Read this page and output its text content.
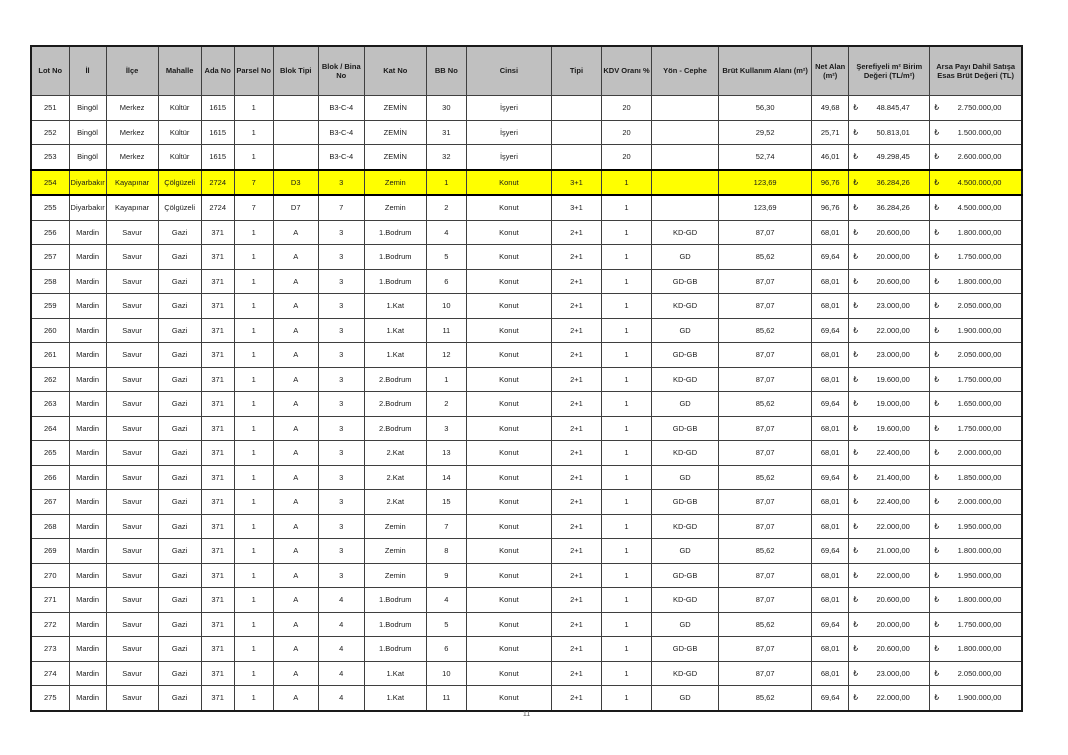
Lot No	İl	İlçe	Mahalle	Ada No	Parsel No	Blok Tipi	Blok / Bina No	Kat No	BB No	Cinsi	Tipi	KDV Oranı %	Yön - Cephe	Brüt Kullanım Alanı (m²)	Net Alan (m²)	Şerefiyeli m² Birim Değeri (TL/m²)	Arsa Payı Dahil Satışa Esas Brüt Değeri (TL)
251	Bingöl	Merkez	Kültür	1615	1		B3-C-4	ZEMİN	30	İşyeri		20		56,30	49,68	₺ 48.845,47	₺ 2.750.000,00
252	Bingöl	Merkez	Kültür	1615	1		B3-C-4	ZEMİN	31	İşyeri		20		29,52	25,71	₺ 50.813,01	₺ 1.500.000,00
253	Bingöl	Merkez	Kültür	1615	1		B3-C-4	ZEMİN	32	İşyeri		20		52,74	46,01	₺ 49.298,45	₺ 2.600.000,00
254	Diyarbakır	Kayapınar	Çölgüzeli	2724	7	D3	3	Zemin	1	Konut	3+1	1		123,69	96,76	₺ 36.284,26	₺ 4.500.000,00
255	Diyarbakır	Kayapınar	Çölgüzeli	2724	7	D7	7	Zemin	2	Konut	3+1	1		123,69	96,76	₺ 36.284,26	₺ 4.500.000,00
256	Mardin	Savur	Gazi	371	1	A	3	1.Bodrum	4	Konut	2+1	1	KD-GD	87,07	68,01	₺ 20.600,00	₺ 1.800.000,00
257	Mardin	Savur	Gazi	371	1	A	3	1.Bodrum	5	Konut	2+1	1	GD	85,62	69,64	₺ 20.000,00	₺ 1.750.000,00
258	Mardin	Savur	Gazi	371	1	A	3	1.Bodrum	6	Konut	2+1	1	GD-GB	87,07	68,01	₺ 20.600,00	₺ 1.800.000,00
259	Mardin	Savur	Gazi	371	1	A	3	1.Kat	10	Konut	2+1	1	KD-GD	87,07	68,01	₺ 23.000,00	₺ 2.050.000,00
260	Mardin	Savur	Gazi	371	1	A	3	1.Kat	11	Konut	2+1	1	GD	85,62	69,64	₺ 22.000,00	₺ 1.900.000,00
261	Mardin	Savur	Gazi	371	1	A	3	1.Kat	12	Konut	2+1	1	GD-GB	87,07	68,01	₺ 23.000,00	₺ 2.050.000,00
262	Mardin	Savur	Gazi	371	1	A	3	2.Bodrum	1	Konut	2+1	1	KD-GD	87,07	68,01	₺ 19.600,00	₺ 1.750.000,00
263	Mardin	Savur	Gazi	371	1	A	3	2.Bodrum	2	Konut	2+1	1	GD	85,62	69,64	₺ 19.000,00	₺ 1.650.000,00
264	Mardin	Savur	Gazi	371	1	A	3	2.Bodrum	3	Konut	2+1	1	GD-GB	87,07	68,01	₺ 19.600,00	₺ 1.750.000,00
265	Mardin	Savur	Gazi	371	1	A	3	2.Kat	13	Konut	2+1	1	KD-GD	87,07	68,01	₺ 22.400,00	₺ 2.000.000,00
266	Mardin	Savur	Gazi	371	1	A	3	2.Kat	14	Konut	2+1	1	GD	85,62	69,64	₺ 21.400,00	₺ 1.850.000,00
267	Mardin	Savur	Gazi	371	1	A	3	2.Kat	15	Konut	2+1	1	GD-GB	87,07	68,01	₺ 22.400,00	₺ 2.000.000,00
268	Mardin	Savur	Gazi	371	1	A	3	Zemin	7	Konut	2+1	1	KD-GD	87,07	68,01	₺ 22.000,00	₺ 1.950.000,00
269	Mardin	Savur	Gazi	371	1	A	3	Zemin	8	Konut	2+1	1	GD	85,62	69,64	₺ 21.000,00	₺ 1.800.000,00
270	Mardin	Savur	Gazi	371	1	A	3	Zemin	9	Konut	2+1	1	GD-GB	87,07	68,01	₺ 22.000,00	₺ 1.950.000,00
271	Mardin	Savur	Gazi	371	1	A	4	1.Bodrum	4	Konut	2+1	1	KD-GD	87,07	68,01	₺ 20.600,00	₺ 1.800.000,00
272	Mardin	Savur	Gazi	371	1	A	4	1.Bodrum	5	Konut	2+1	1	GD	85,62	69,64	₺ 20.000,00	₺ 1.750.000,00
273	Mardin	Savur	Gazi	371	1	A	4	1.Bodrum	6	Konut	2+1	1	GD-GB	87,07	68,01	₺ 20.600,00	₺ 1.800.000,00
274	Mardin	Savur	Gazi	371	1	A	4	1.Kat	10	Konut	2+1	1	KD-GD	87,07	68,01	₺ 23.000,00	₺ 2.050.000,00
275	Mardin	Savur	Gazi	371	1	A	4	1.Kat	11	Konut	2+1	1	GD	85,62	69,64	₺ 22.000,00	₺ 1.900.000,00
11
